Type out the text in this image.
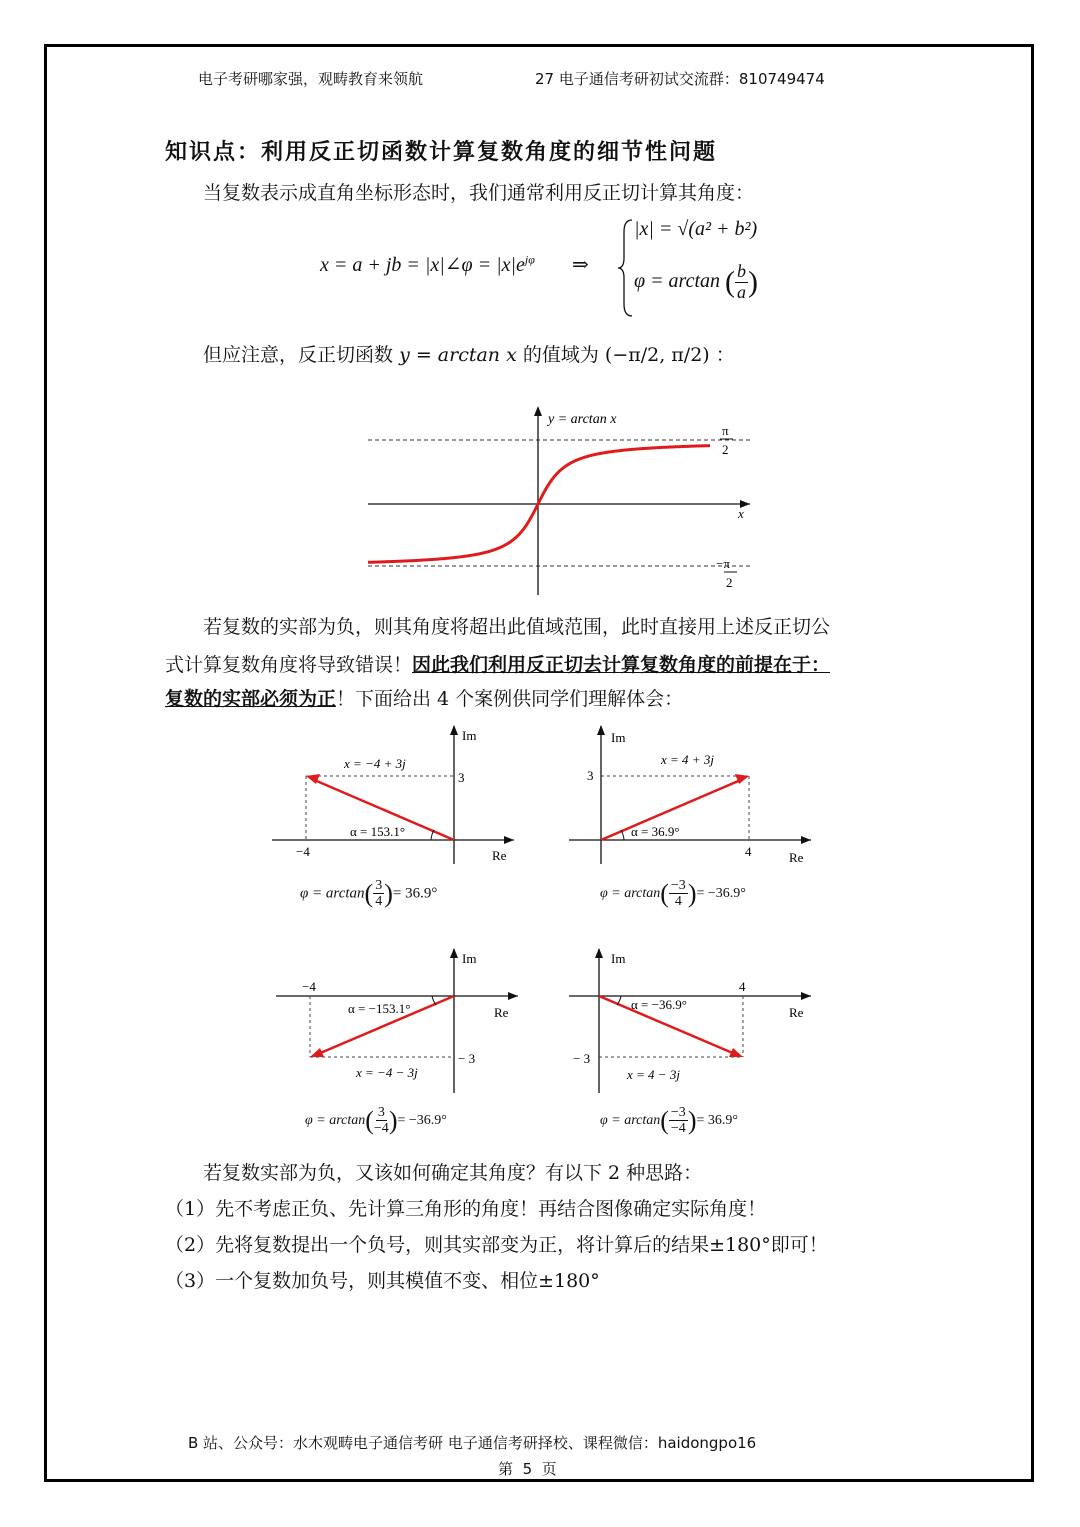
电子考研哪家强，观畴教育来领航	27 电子通信考研初试交流群：810749474
知识点：利用反正切函数计算复数角度的细节性问题
当复数表示成直角坐标形态时，我们通常利用反正切计算其角度：
x = a + jb = |x|∠φ = $|x|e^{j\varphi}$ ⇒
|x| = √(a² + b²)
φ = arctan ( $\frac{b}{a}$ )
但应注意，反正切函数 y = arctan x 的值域为 (−π/2, π/2) ：
y = arctan x
x
π
2
−π
2
若复数的实部为负，则其角度将超出此值域范围，此时直接用上述反正切公
式计算复数角度将导致错误！因此我们利用反正切去计算复数角度的前提在于：
复数的实部必须为正！下面给出 4 个案例供同学们理解体会：
Im
Re
x = −4 + 3j
α = 153.1°
−4
3
$\varphi = \arctan( \frac{3}{4}$ )= 36.9°
Im
Re
x = 4 + 3j
α = 36.9°
4
3
$\varphi = \arctan( \frac{-3}{4}$ )= −36.9°
Im
Re
x = −4 − 3j
α = −153.1°
−4
− 3
$\varphi = \arctan( \frac{3}{-4}$ )= −36.9°
Im
Re
x = 4 − 3j
α = −36.9°
4
− 3
$\varphi = \arctan( \frac{-3}{-4}$ )= 36.9°
若复数实部为负，又该如何确定其角度？有以下 2 种思路：
（1）先不考虑正负、先计算三角形的角度！再结合图像确定实际角度！
（2）先将复数提出一个负号，则其实部变为正，将计算后的结果±180°即可！
（3）一个复数加负号，则其模值不变、相位±180°
B 站、公众号：水木观畴电子通信考研 电子通信考研择校、课程微信：haidongpo16
第 5 页
